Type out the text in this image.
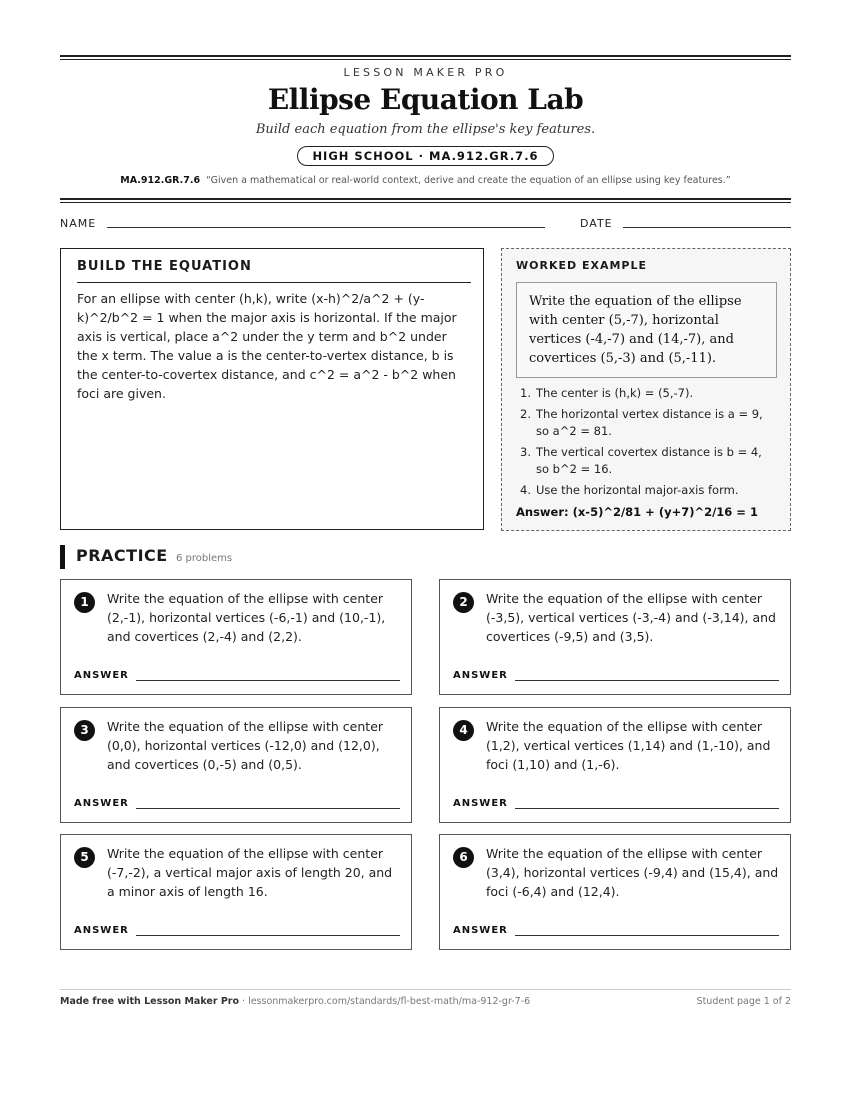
LESSON MAKER PRO
Ellipse Equation Lab
Build each equation from the ellipse's key features.
HIGH SCHOOL · MA.912.GR.7.6
MA.912.GR.7.6 “Given a mathematical or real-world context, derive and create the equation of an ellipse using key features.”
NAME	DATE
BUILD THE EQUATION

For an ellipse with center (h,k), write (x-h)^2/a^2 + (y-k)^2/b^2 = 1 when the major axis is horizontal. If the major axis is vertical, place a^2 under the y term and b^2 under the x term. The value a is the center-to-vertex distance, b is the center-to-covertex distance, and c^2 = a^2 - b^2 when foci are given.

WORKED EXAMPLE
Write the equation of the ellipse with center (5,-7), horizontal vertices (-4,-7) and (14,-7), and covertices (5,-3) and (5,-11).
1. The center is (h,k) = (5,-7).
2. The horizontal vertex distance is a = 9, so a^2 = 81.
3. The vertical covertex distance is b = 4, so b^2 = 16.
4. Use the horizontal major-axis form.
Answer: (x-5)^2/81 + (y+7)^2/16 = 1
PRACTICE 6 problems
1	Write the equation of the ellipse with center (2,-1), horizontal vertices (-6,-1) and (10,-1), and covertices (2,-4) and (2,2).
ANSWER
2	Write the equation of the ellipse with center (-3,5), vertical vertices (-3,-4) and (-3,14), and covertices (-9,5) and (3,5).
ANSWER
3	Write the equation of the ellipse with center (0,0), horizontal vertices (-12,0) and (12,0), and covertices (0,-5) and (0,5).
ANSWER
4	Write the equation of the ellipse with center (1,2), vertical vertices (1,14) and (1,-10), and foci (1,10) and (1,-6).
ANSWER
5	Write the equation of the ellipse with center (-7,-2), a vertical major axis of length 20, and a minor axis of length 16.
ANSWER
6	Write the equation of the ellipse with center (3,4), horizontal vertices (-9,4) and (15,4), and foci (-6,4) and (12,4).
ANSWER
Made free with Lesson Maker Pro · lessonmakerpro.com/standards/fl-best-math/ma-912-gr-7-6	Student page 1 of 2
